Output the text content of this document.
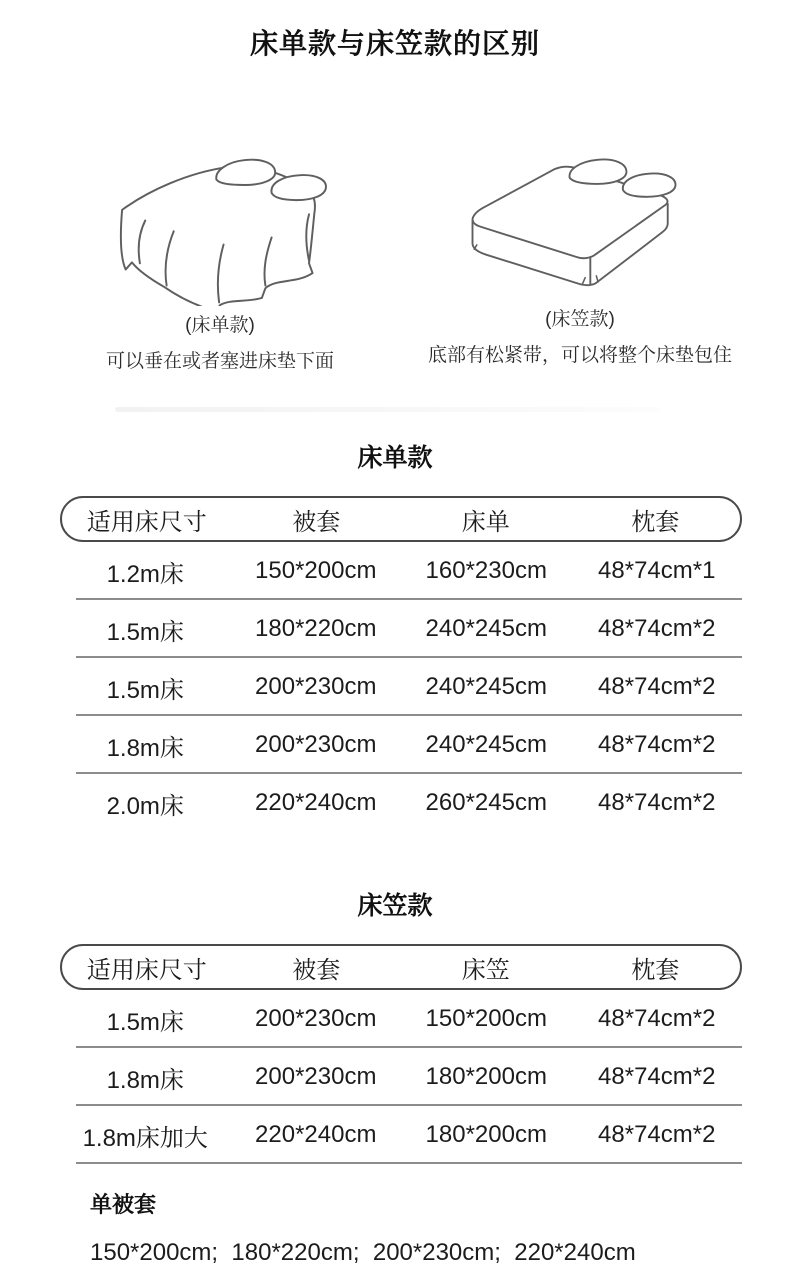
床单款与床笠款的区别
(床单款)
可以垂在或者塞进床垫下面
(床笠款)
底部有松紧带，可以将整个床垫包住
床单款
适用床尺寸	被套	床单	枕套
1.2m床	150*200cm	160*230cm	48*74cm*1
1.5m床	180*220cm	240*245cm	48*74cm*2
1.5m床	200*230cm	240*245cm	48*74cm*2
1.8m床	200*230cm	240*245cm	48*74cm*2
2.0m床	220*240cm	260*245cm	48*74cm*2
床笠款
适用床尺寸	被套	床笠	枕套
1.5m床	200*230cm	150*200cm	48*74cm*2
1.8m床	200*230cm	180*200cm	48*74cm*2
1.8m床加大	220*240cm	180*200cm	48*74cm*2
单被套
150*200cm;  180*220cm;  200*230cm;  220*240cm
